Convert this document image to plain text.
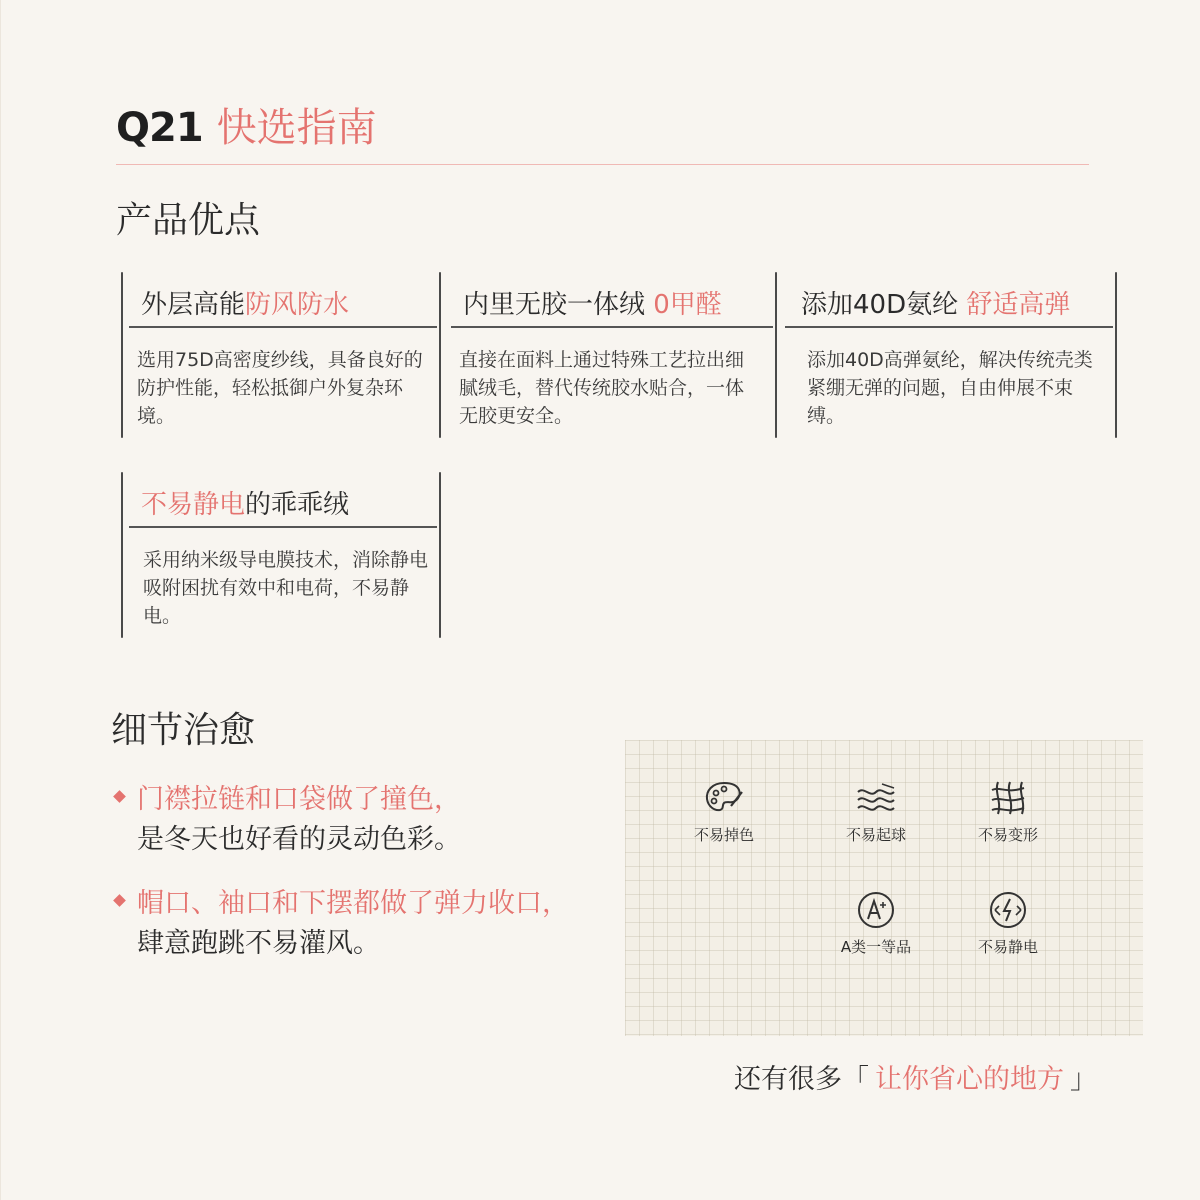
Q21 快选指南
产品优点
外层高能防风防水
选用75D高密度纱线，具备良好的防护性能，轻松抵御户外复杂环境。
内里无胶一体绒 0甲醛
直接在面料上通过特殊工艺拉出细腻绒毛，替代传统胶水贴合，一体无胶更安全。
添加40D氨纶 舒适高弹
添加40D高弹氨纶，解决传统壳类紧绷无弹的问题，自由伸展不束缚。
不易静电的乖乖绒
采用纳米级导电膜技术，消除静电吸附困扰有效中和电荷，不易静电。
细节治愈
门襟拉链和口袋做了撞色，
是冬天也好看的灵动色彩。
帽口、袖口和下摆都做了弹力收口，
肆意跑跳不易灌风。
不易掉色	不易起球	不易变形
A类一等品	不易静电
还有很多「 让你省心的地方 」
